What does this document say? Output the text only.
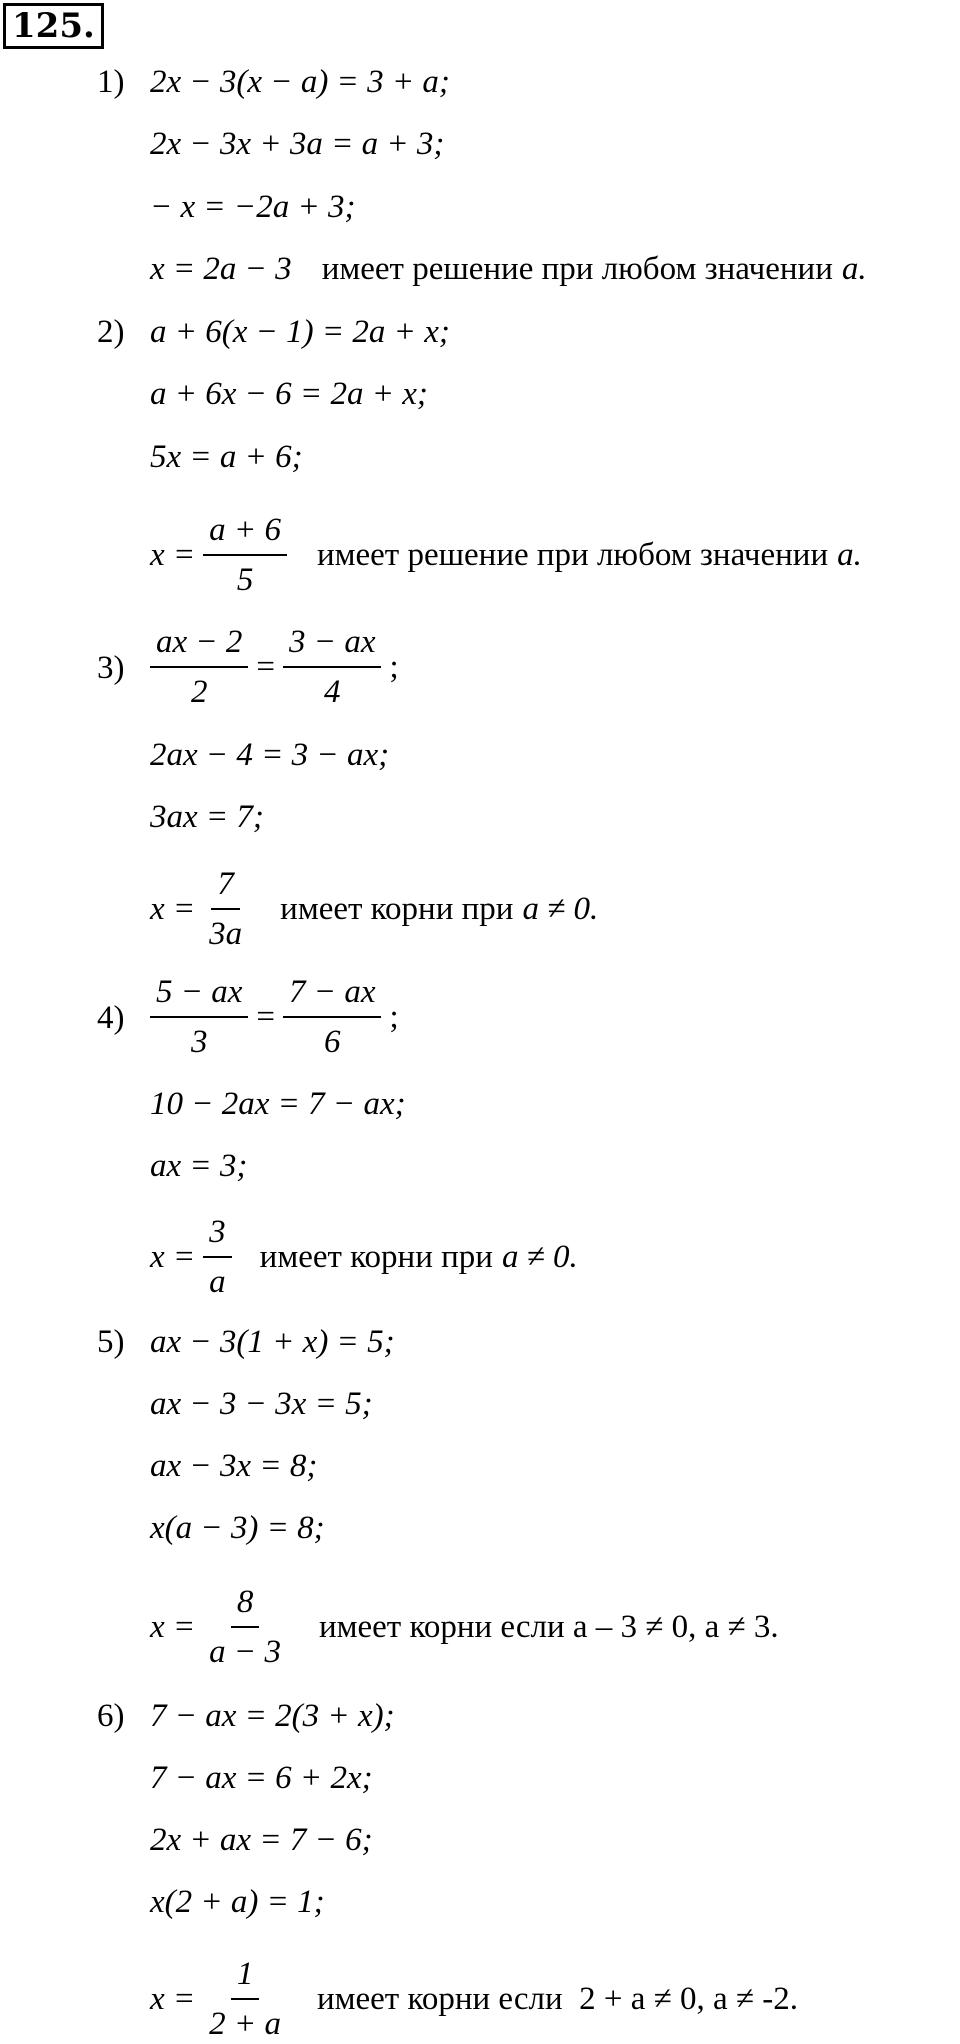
125.
1) 2x − 3(x − a) = 3 + a;
2x − 3x + 3a = a + 3;
− x = −2a + 3;
x = 2a − 3 имеет решение при любом значении a.
2) a + 6(x − 1) = 2a + x;
a + 6x − 6 = 2a + x;
5x = a + 6;
$x = \frac{a + 6}{5}$ имеет решение при любом значении a.
$3) \frac{ax - 2}{2} = \frac{3 - ax}{4}$ ;
2ax − 4 = 3 − ax;
3ax = 7;
$x = \frac{7}{3a}$ имеет корни при a ≠ 0.
$4) \frac{5 - ax}{3} = \frac{7 - ax}{6}$ ;
10 − 2ax = 7 − ax;
ax = 3;
$x = \frac{3}{a}$ имеет корни при a ≠ 0.
5) ax − 3(1 + x) = 5;
ax − 3 − 3x = 5;
ax − 3x = 8;
x(a − 3) = 8;
$x = \frac{8}{a - 3}$ имеет корни если а – 3 ≠ 0, а ≠ 3.
6) 7 − ax = 2(3 + x);
7 − ax = 6 + 2x;
2x + ax = 7 − 6;
x(2 + a) = 1;
$x = \frac{1}{2 + a}$ имеет корни если  2 + а ≠ 0, а ≠ -2.
